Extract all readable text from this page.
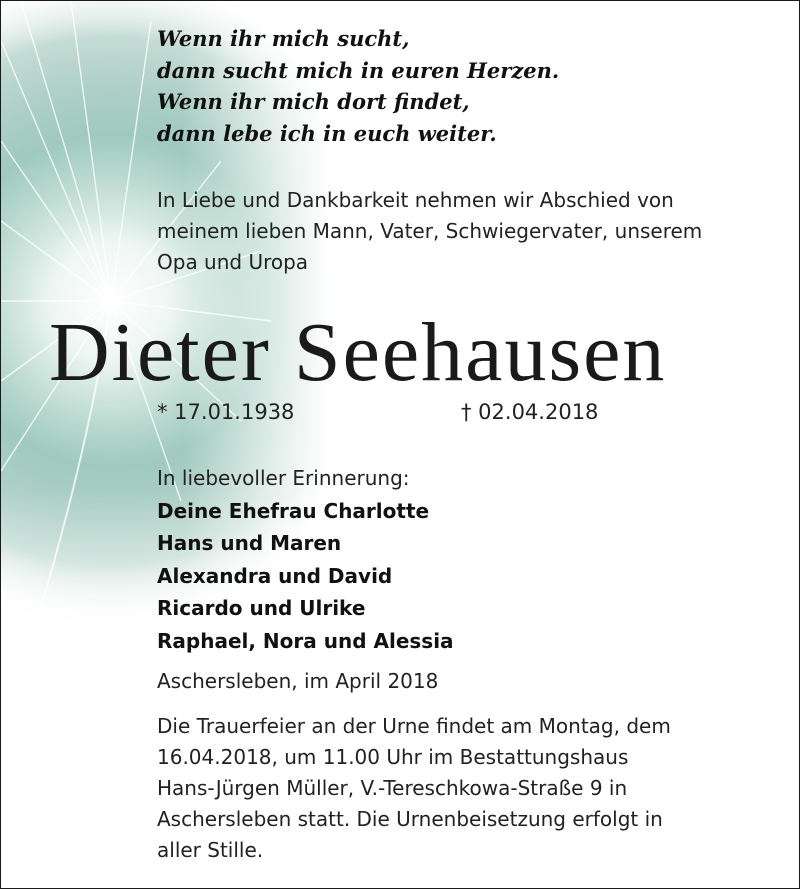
Wenn ihr mich sucht,
dann sucht mich in euren Herzen.
Wenn ihr mich dort findet,
dann lebe ich in euch weiter.
In Liebe und Dankbarkeit nehmen wir Abschied von
meinem lieben Mann, Vater, Schwiegervater, unserem
Opa und Uropa
Dieter Seehausen
* 17.01.1938	† 02.04.2018
In liebevoller Erinnerung:
Deine Ehefrau Charlotte
Hans und Maren
Alexandra und David
Ricardo und Ulrike
Raphael, Nora und Alessia
Aschersleben, im April 2018
Die Trauerfeier an der Urne findet am Montag, dem
16.04.2018, um 11.00 Uhr im Bestattungshaus
Hans-Jürgen Müller, V.-Tereschkowa-Straße 9 in
Aschersleben statt. Die Urnenbeisetzung erfolgt in
aller Stille.
